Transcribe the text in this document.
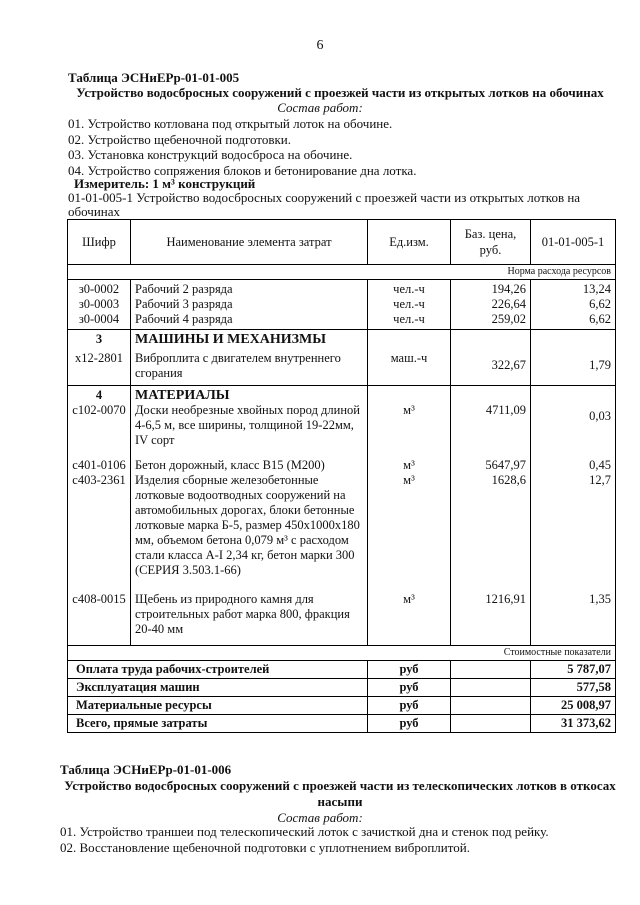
6
Таблица ЭСНиЕРр-01-01-005
Устройство водосбросных сооружений с проезжей части из открытых лотков на обочинах
Состав работ:
01. Устройство котлована под открытый лоток на обочине.
02. Устройство щебеночной подготовки.
03. Установка конструкций водосброса на обочине.
04. Устройство сопряжения блоков и бетонирование дна лотка.
Измеритель: 1 м³ конструкций
01-01-005-1 Устройство водосбросных сооружений с проезжей части из открытых лотков на обочинах
Шифр	Наименование элемента затрат	Ед.изм.	Баз. цена, руб.	01-01-005-1
Норма расхода ресурсов				
з0-0002	Рабочий 2 разряда	чел.-ч	194,26	13,24
з0-0003	Рабочий 3 разряда	чел.-ч	226,64	6,62
з0-0004	Рабочий 4 разряда	чел.-ч	259,02	6,62
3	МАШИНЫ И МЕХАНИЗМЫ			
х12-2801	Виброплита с двигателем внутреннего сгорания	маш.-ч	322,67	1,79
4	МАТЕРИАЛЫ			
с102-0070	Доски необрезные хвойных пород длиной 4-6,5 м, все ширины, толщиной 19-22мм, IV сорт	м³	4711,09	0,03
с401-0106	Бетон дорожный, класс B15 (M200)	м³	5647,97	0,45
с403-2361	Изделия сборные железобетонные лотковые водоотводных сооружений на автомобильных дорогах, блоки бетонные лотковые марка Б-5, размер 450х1000х180 мм, объемом бетона 0,079 м³ с расходом стали класса А-I 2,34 кг, бетон марки 300 (СЕРИЯ 3.503.1-66)	м³	1628,6	12,7
с408-0015	Щебень из природного камня для строительных работ марка 800, фракция 20-40 мм	м³	1216,91	1,35
Стоимостные показатели				
Оплата труда рабочих-строителей		руб		5 787,07
Эксплуатация машин		руб		577,58
Материальные ресурсы		руб		25 008,97
Всего, прямые затраты		руб		31 373,62
Таблица ЭСНиЕРр-01-01-006
Устройство водосбросных сооружений с проезжей части из телескопических лотков в откосах насыпи
Состав работ:
01. Устройство траншеи под телескопический лоток с зачисткой дна и стенок под рейку.
02. Восстановление щебеночной подготовки с уплотнением виброплитой.
